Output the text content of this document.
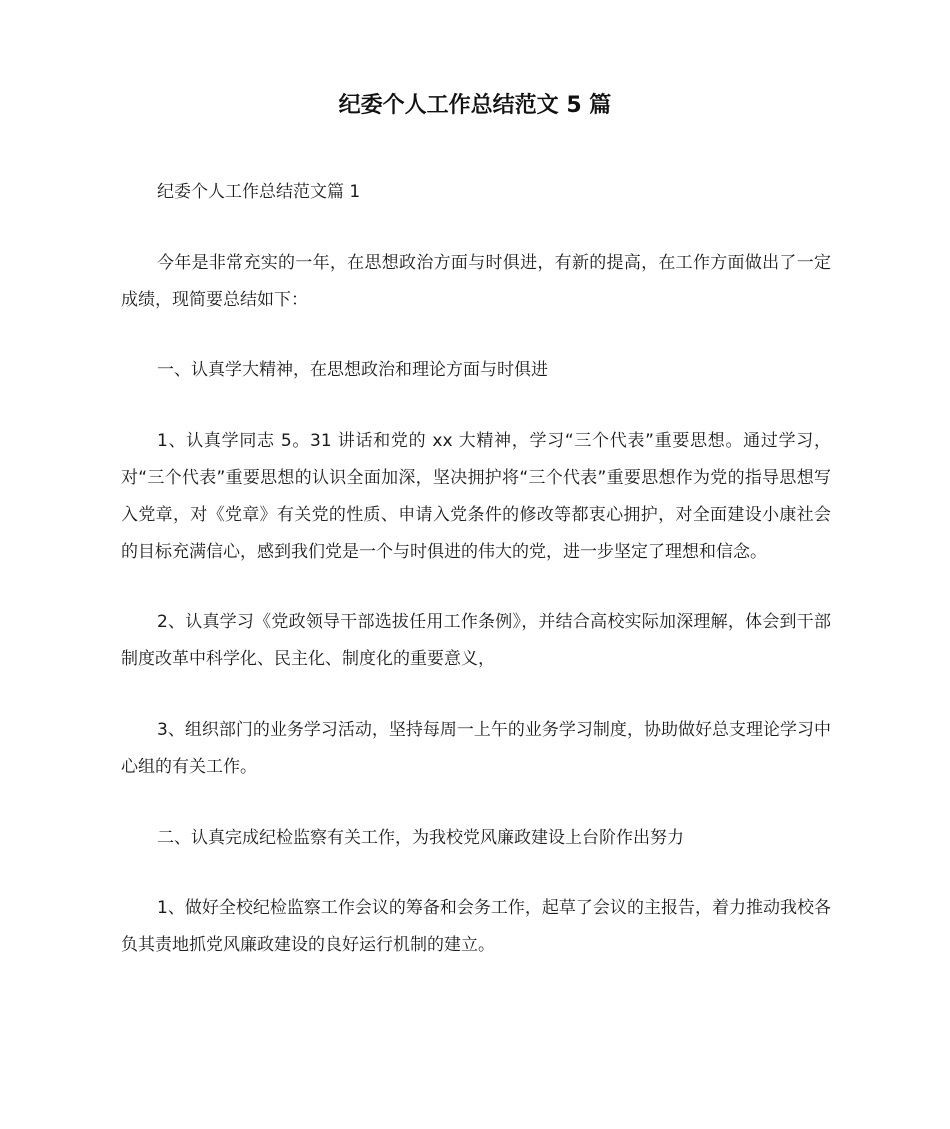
纪委个人工作总结范文 5 篇

纪委个人工作总结范文篇 1

今年是非常充实的一年，在思想政治方面与时俱进，有新的提高，在工作方面做出了一定成绩，现简要总结如下：

一、认真学大精神，在思想政治和理论方面与时俱进

1、认真学同志 5。31 讲话和党的 xx 大精神，学习“三个代表”重要思想。通过学习，对“三个代表”重要思想的认识全面加深，坚决拥护将“三个代表”重要思想作为党的指导思想写入党章，对《党章》有关党的性质、申请入党条件的修改等都衷心拥护，对全面建设小康社会的目标充满信心，感到我们党是一个与时俱进的伟大的党，进一步坚定了理想和信念。

2、认真学习《党政领导干部选拔任用工作条例》，并结合高校实际加深理解，体会到干部制度改革中科学化、民主化、制度化的重要意义，

3、组织部门的业务学习活动，坚持每周一上午的业务学习制度，协助做好总支理论学习中心组的有关工作。

二、认真完成纪检监察有关工作，为我校党风廉政建设上台阶作出努力

1、做好全校纪检监察工作会议的筹备和会务工作，起草了会议的主报告，着力推动我校各负其责地抓党风廉政建设的良好运行机制的建立。
